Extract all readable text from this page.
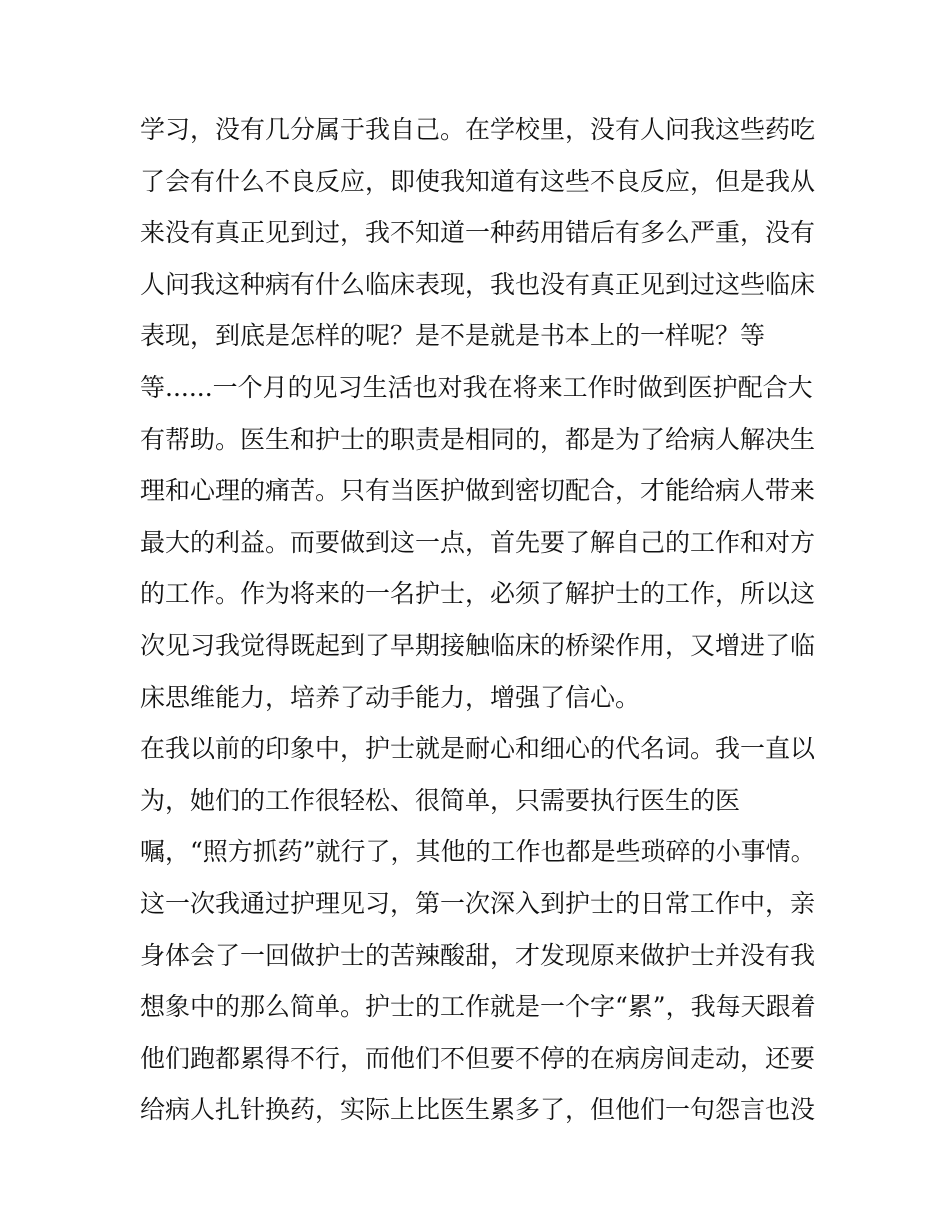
学习，没有几分属于我自己。在学校里，没有人问我这些药吃
了会有什么不良反应，即使我知道有这些不良反应，但是我从
来没有真正见到过，我不知道一种药用错后有多么严重，没有
人问我这种病有什么临床表现，我也没有真正见到过这些临床
表现，到底是怎样的呢？是不是就是书本上的一样呢？等
等......一个月的见习生活也对我在将来工作时做到医护配合大
有帮助。医生和护士的职责是相同的，都是为了给病人解决生
理和心理的痛苦。只有当医护做到密切配合，才能给病人带来
最大的利益。而要做到这一点，首先要了解自己的工作和对方
的工作。作为将来的一名护士，必须了解护士的工作，所以这
次见习我觉得既起到了早期接触临床的桥梁作用，又增进了临
床思维能力，培养了动手能力，增强了信心。
在我以前的印象中，护士就是耐心和细心的代名词。我一直以
为，她们的工作很轻松、很简单，只需要执行医生的医
嘱，“照方抓药”就行了，其他的工作也都是些琐碎的小事情。
这一次我通过护理见习，第一次深入到护士的日常工作中，亲
身体会了一回做护士的苦辣酸甜，才发现原来做护士并没有我
想象中的那么简单。护士的工作就是一个字“累”，我每天跟着
他们跑都累得不行，而他们不但要不停的在病房间走动，还要
给病人扎针换药，实际上比医生累多了，但他们一句怨言也没
